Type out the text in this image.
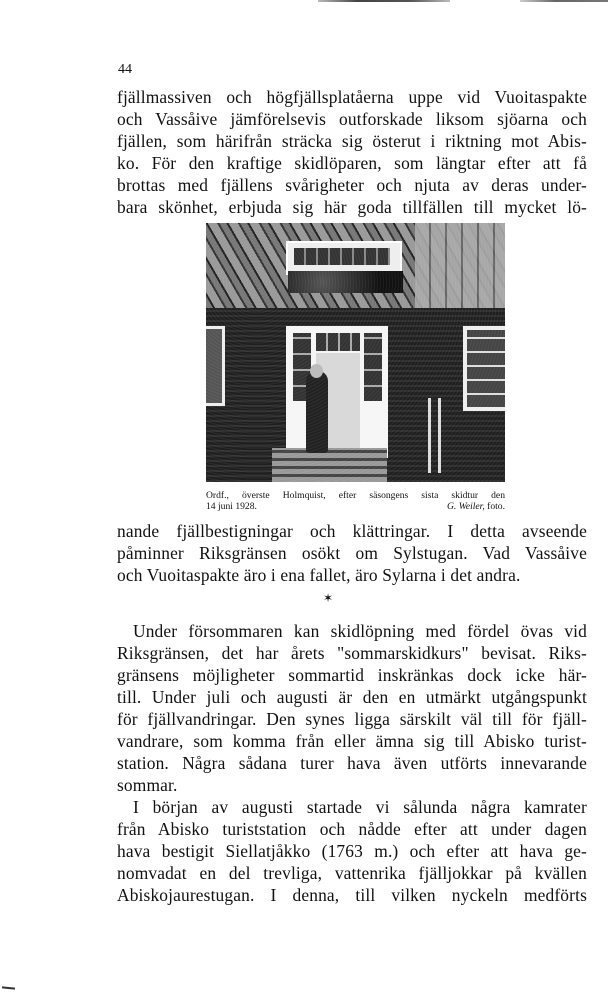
44
fjällmassiven och högfjällsplatåerna uppe vid Vuoitaspakte
och Vassåive jämförelsevis outforskade liksom sjöarna och
fjällen, som härifrån sträcka sig österut i riktning mot Abis-
ko. För den kraftige skidlöparen, som längtar efter att få
brottas med fjällens svårigheter och njuta av deras under-
bara skönhet, erbjuda sig här goda tillfällen till mycket lö-
Ordf., överste Holmquist, efter säsongens sista skidtur den
14 juni 1928.	G. Weiler, foto.
nande fjällbestigningar och klättringar. I detta avseende
påminner Riksgränsen osökt om Sylstugan. Vad Vassåive
och Vuoitaspakte äro i ena fallet, äro Sylarna i det andra.
✶
Under försommaren kan skidlöpning med fördel övas vid
Riksgränsen, det har årets "sommarskidkurs" bevisat. Riks-
gränsens möjligheter sommartid inskränkas dock icke här-
till. Under juli och augusti är den en utmärkt utgångspunkt
för fjällvandringar. Den synes ligga särskilt väl till för fjäll-
vandrare, som komma från eller ämna sig till Abisko turist-
station. Några sådana turer hava även utförts innevarande
sommar.
I början av augusti startade vi sålunda några kamrater
från Abisko turiststation och nådde efter att under dagen
hava bestigit Siellatjåkko (1763 m.) och efter att hava ge-
nomvadat en del trevliga, vattenrika fjälljokkar på kvällen
Abiskojaurestugan. I denna, till vilken nyckeln medförts
